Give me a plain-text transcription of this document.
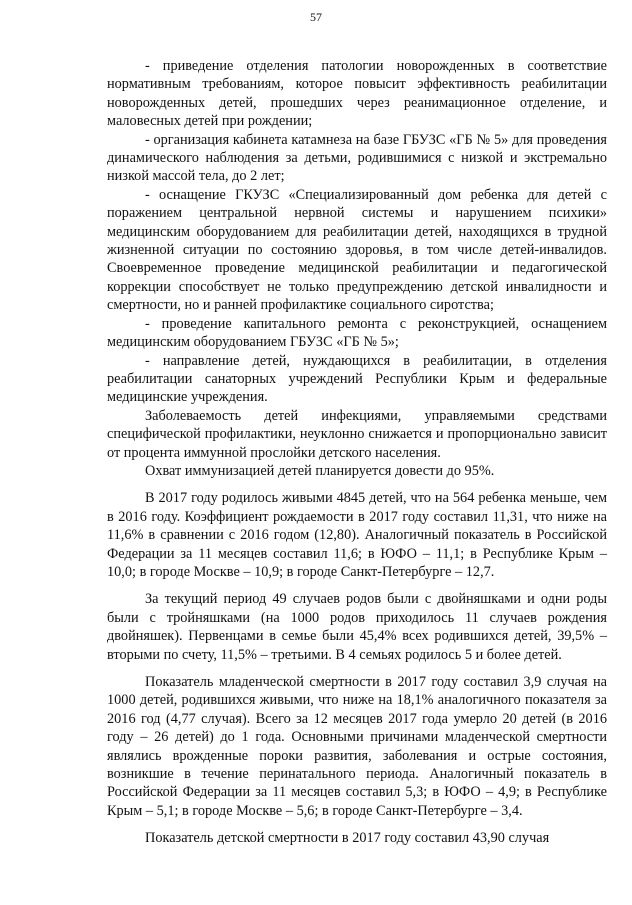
57

- приведение отделения патологии новорожденных в соответствие нормативным требованиям, которое повысит эффективность реабилитации новорожденных детей, прошедших через реанимационное отделение, и маловесных детей при рождении;

- организация кабинета катамнеза на базе ГБУЗС «ГБ № 5» для проведения динамического наблюдения за детьми, родившимися с низкой и экстремально низкой массой тела, до 2 лет;

- оснащение ГКУЗС «Специализированный дом ребенка для детей с поражением центральной нервной системы и нарушением психики» медицинским оборудованием для реабилитации детей, находящихся в трудной жизненной ситуации по состоянию здоровья, в том числе детей-инвалидов. Своевременное проведение медицинской реабилитации и педагогической коррекции способствует не только предупреждению детской инвалидности и смертности, но и ранней профилактике социального сиротства;

- проведение капитального ремонта с реконструкцией, оснащением медицинским оборудованием ГБУЗС «ГБ № 5»;

- направление детей, нуждающихся в реабилитации, в отделения реабилитации санаторных учреждений Республики Крым и федеральные медицинские учреждения.

Заболеваемость детей инфекциями, управляемыми средствами специфической профилактики, неуклонно снижается и пропорционально зависит от процента иммунной прослойки детского населения.

Охват иммунизацией детей планируется довести до 95%.

В 2017 году родилось живыми 4845 детей, что на 564 ребенка меньше, чем в 2016 году. Коэффициент рождаемости в 2017 году составил 11,31, что ниже на 11,6% в сравнении с 2016 годом (12,80). Аналогичный показатель в Российской Федерации за 11 месяцев составил 11,6; в ЮФО – 11,1; в Республике Крым – 10,0; в городе Москве – 10,9; в городе Санкт-Петербурге – 12,7.

За текущий период 49 случаев родов были с двойняшками и одни роды были с тройняшками (на 1000 родов приходилось 11 случаев рождения двойняшек). Первенцами в семье были 45,4% всех родившихся детей, 39,5% – вторыми по счету, 11,5% – третьими. В 4 семьях родилось 5 и более детей.

Показатель младенческой смертности в 2017 году составил 3,9 случая на 1000 детей, родившихся живыми, что ниже на 18,1% аналогичного показателя за 2016 год (4,77 случая). Всего за 12 месяцев 2017 года умерло 20 детей (в 2016 году – 26 детей) до 1 года. Основными причинами младенческой смертности являлись врожденные пороки развития, заболевания и острые состояния, возникшие в течение перинатального периода. Аналогичный показатель в Российской Федерации за 11 месяцев составил 5,3; в ЮФО – 4,9; в Республике Крым – 5,1; в городе Москве – 5,6; в городе Санкт-Петербурге – 3,4.

Показатель детской смертности в 2017 году составил 43,90 случая
